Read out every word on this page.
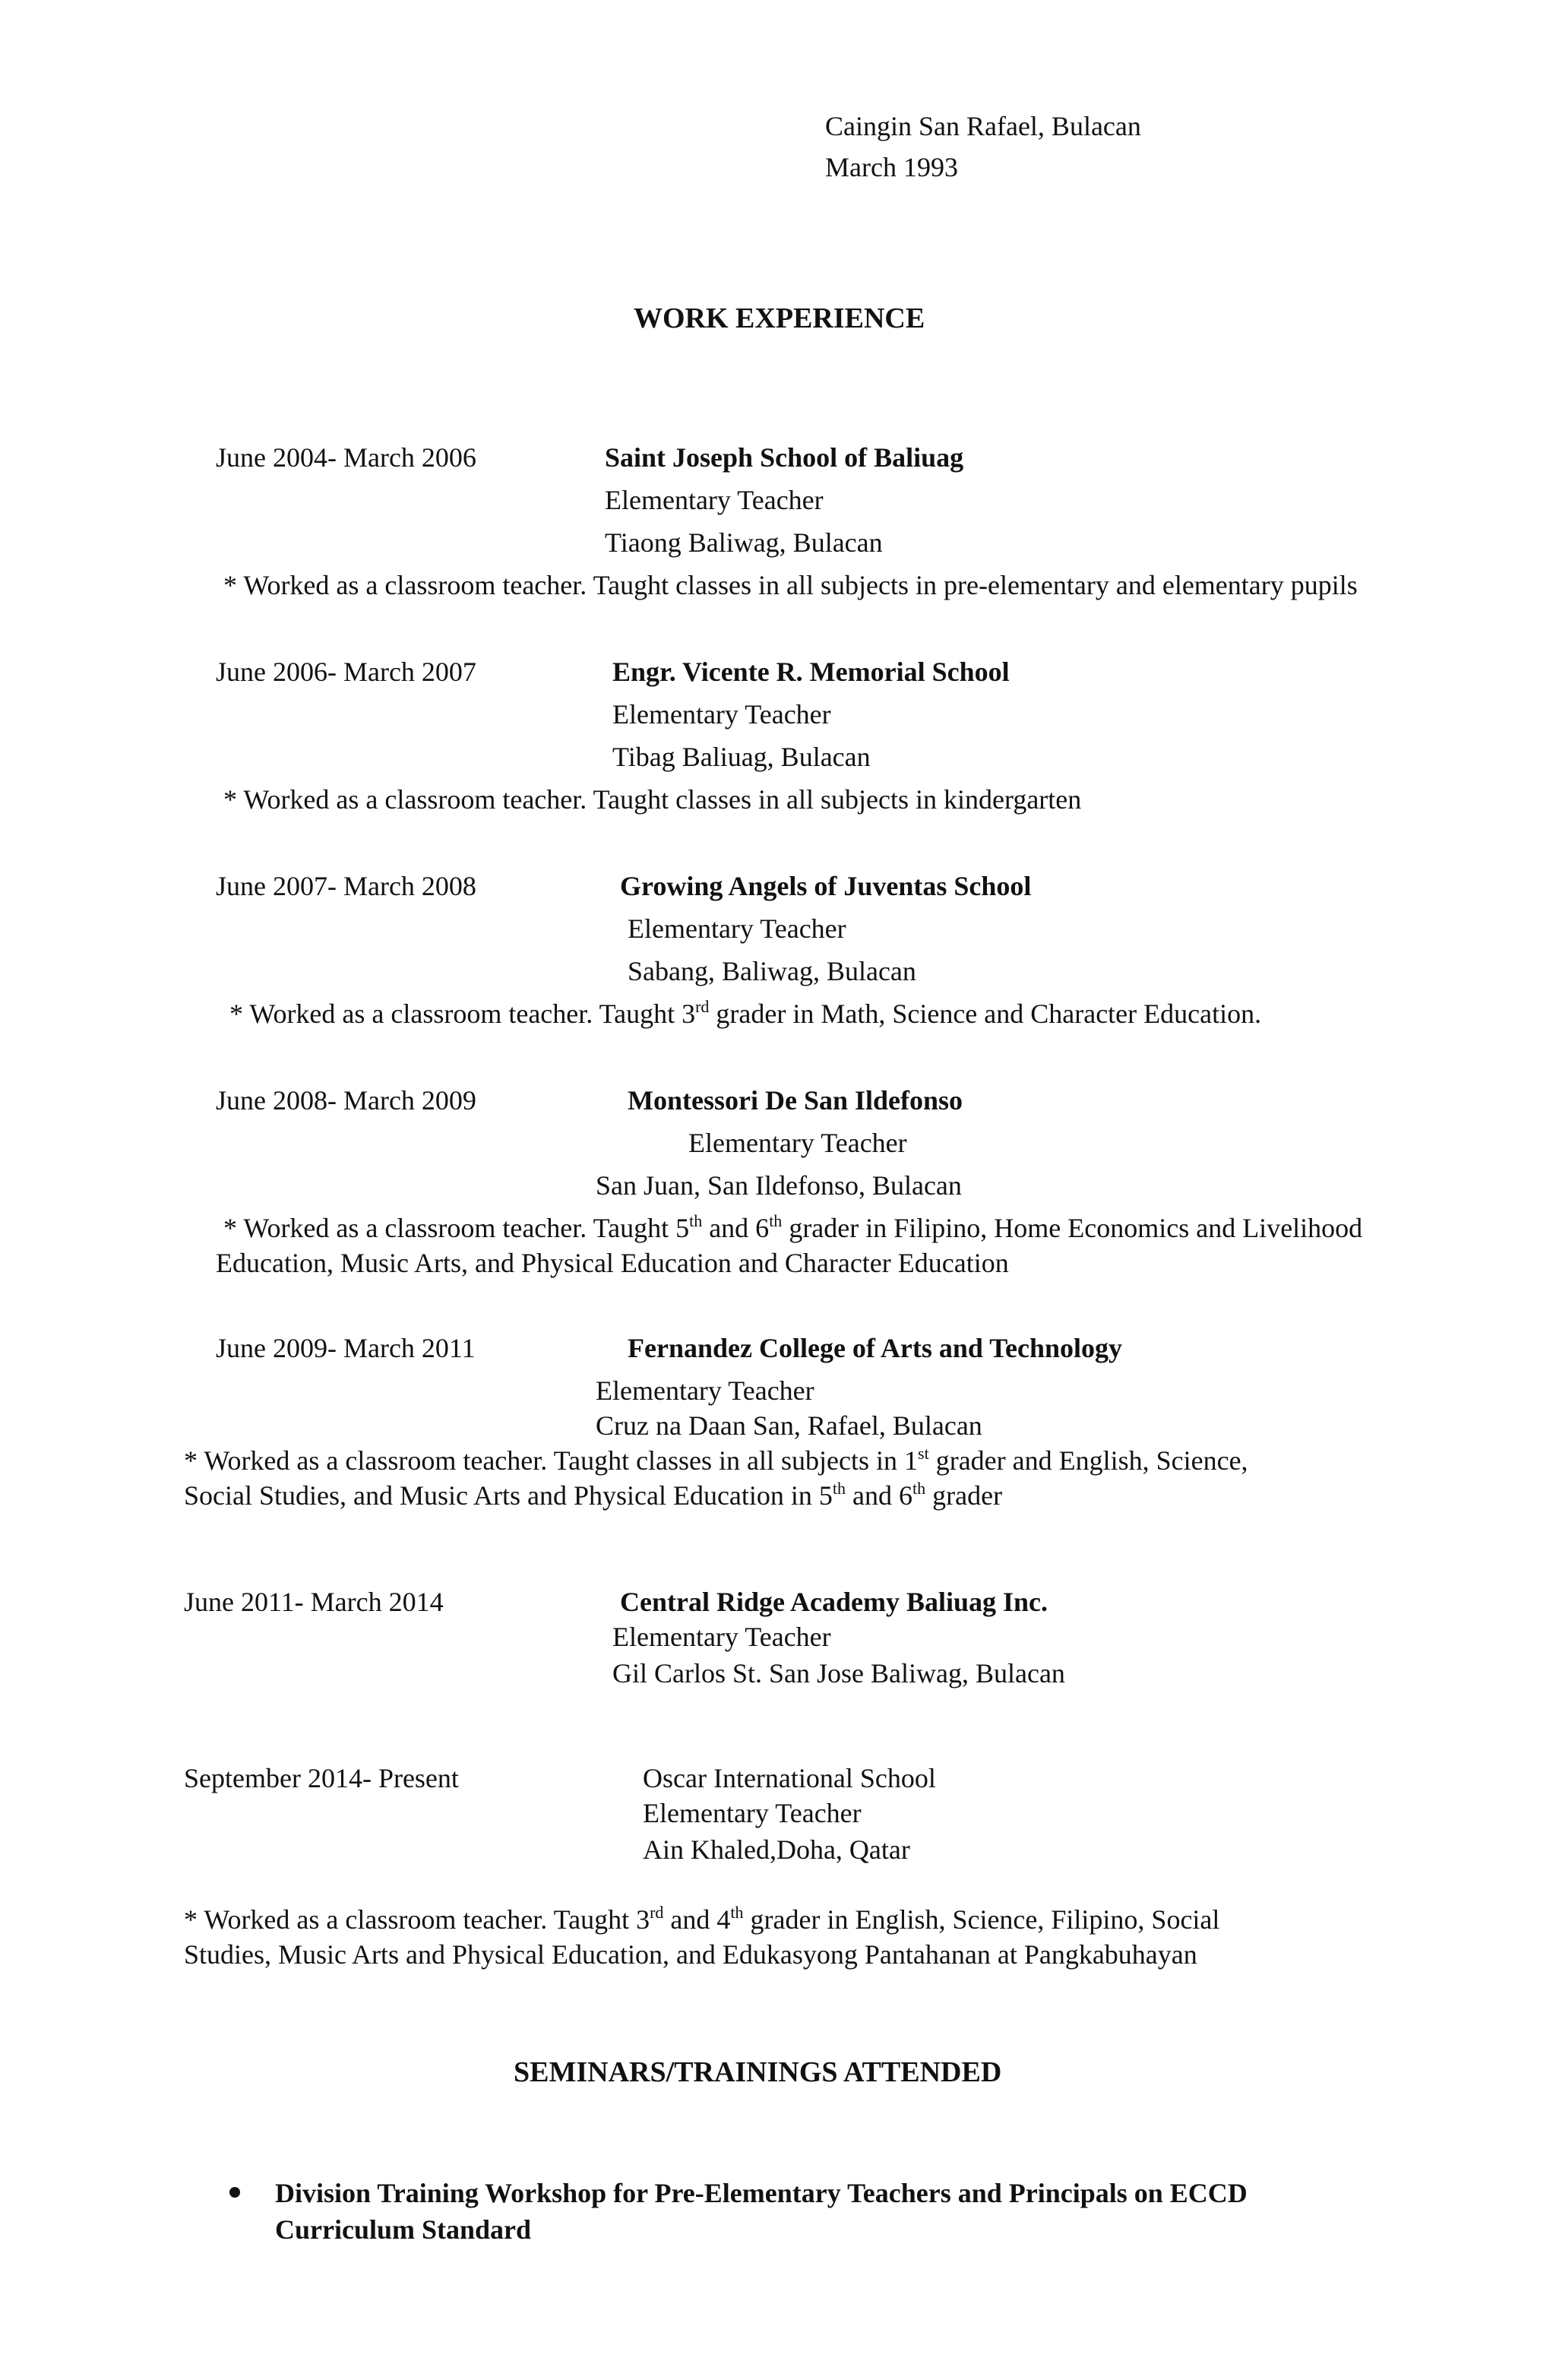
Caingin San Rafael, Bulacan
March 1993
WORK EXPERIENCE
June 2004- March 2006	Saint Joseph School of Baliuag
Elementary Teacher
Tiaong Baliwag, Bulacan
* Worked as a classroom teacher. Taught classes in all subjects in pre-elementary and elementary pupils
June 2006- March 2007	Engr. Vicente R. Memorial School
Elementary Teacher
Tibag Baliuag, Bulacan
* Worked as a classroom teacher. Taught classes in all subjects in kindergarten
June 2007- March 2008	Growing Angels of Juventas School
Elementary Teacher
Sabang, Baliwag, Bulacan
* Worked as a classroom teacher. Taught 3rd grader in Math, Science and Character Education.
June 2008- March 2009	Montessori De San Ildefonso
Elementary Teacher
San Juan, San Ildefonso, Bulacan
* Worked as a classroom teacher. Taught 5th and 6th grader in Filipino, Home Economics and Livelihood
Education, Music Arts, and Physical Education and Character Education
June 2009- March 2011	Fernandez College of Arts and Technology
Elementary Teacher
Cruz na Daan San, Rafael, Bulacan
* Worked as a classroom teacher. Taught classes in all subjects in 1st grader and English, Science,
Social Studies, and Music Arts and Physical Education in 5th and 6th grader
June 2011- March 2014	Central Ridge Academy Baliuag Inc.
Elementary Teacher
Gil Carlos St. San Jose Baliwag, Bulacan
September 2014- Present	Oscar International School
Elementary Teacher
Ain Khaled,Doha, Qatar
* Worked as a classroom teacher. Taught 3rd and 4th grader in English, Science, Filipino, Social
Studies, Music Arts and Physical Education, and Edukasyong Pantahanan at Pangkabuhayan
SEMINARS/TRAININGS ATTENDED
Division Training Workshop for Pre-Elementary Teachers and Principals on ECCD
Curriculum Standard
